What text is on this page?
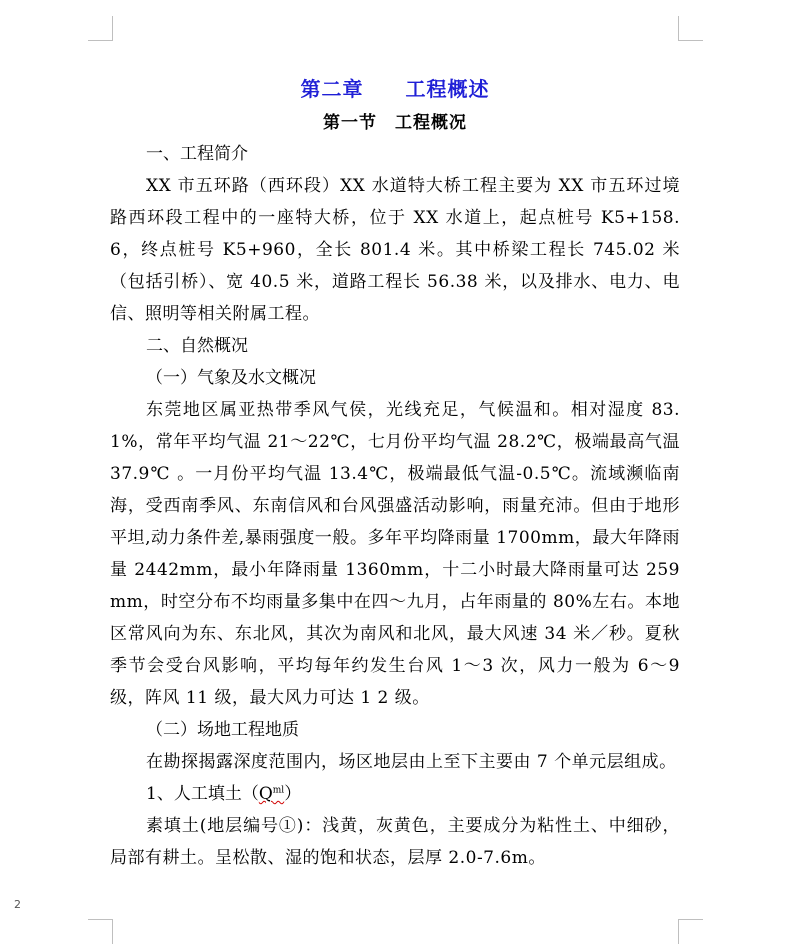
2
第二章　　工程概述
第一节　工程概况

一、工程简介

XX 市五环路（西环段）XX 水道特大桥工程主要为 XX 市五环过境路西环段工程中的一座特大桥，位于 XX 水道上，起点桩号 K5+158.6，终点桩号 K5+960，全长 801.4 米。其中桥梁工程长 745.02 米（包括引桥）、宽 40.5 米，道路工程长 56.38 米，以及排水、电力、电信、照明等相关附属工程。

二、自然概况

（一）气象及水文概况

东莞地区属亚热带季风气侯，光线充足，气候温和。相对湿度 83.1%，常年平均气温 21～22℃，七月份平均气温 28.2℃，极端最高气温 37.9℃ 。一月份平均气温 13.4℃，极端最低气温-0.5℃。流域濒临南海，受西南季风、东南信风和台风强盛活动影响，雨量充沛。但由于地形平坦,动力条件差,暴雨强度一般。多年平均降雨量 1700mm，最大年降雨量 2442mm，最小年降雨量 1360mm，十二小时最大降雨量可达 259 mm，时空分布不均雨量多集中在四～九月，占年雨量的 80%左右。本地区常风向为东、东北风，其次为南风和北风，最大风速 34 米／秒。夏秋季节会受台风影响，平均每年约发生台风 1～3 次，风力一般为 6～9 级，阵风 11 级，最大风力可达 1 2 级。

（二）场地工程地质

在勘探揭露深度范围内，场区地层由上至下主要由 7 个单元层组成。

1、人工填土$(Q^{ml})$

素填土(地层编号①)：浅黄，灰黄色，主要成分为粘性土、中细砂，局部有耕土。呈松散、湿的饱和状态，层厚 2.0-7.6m。
